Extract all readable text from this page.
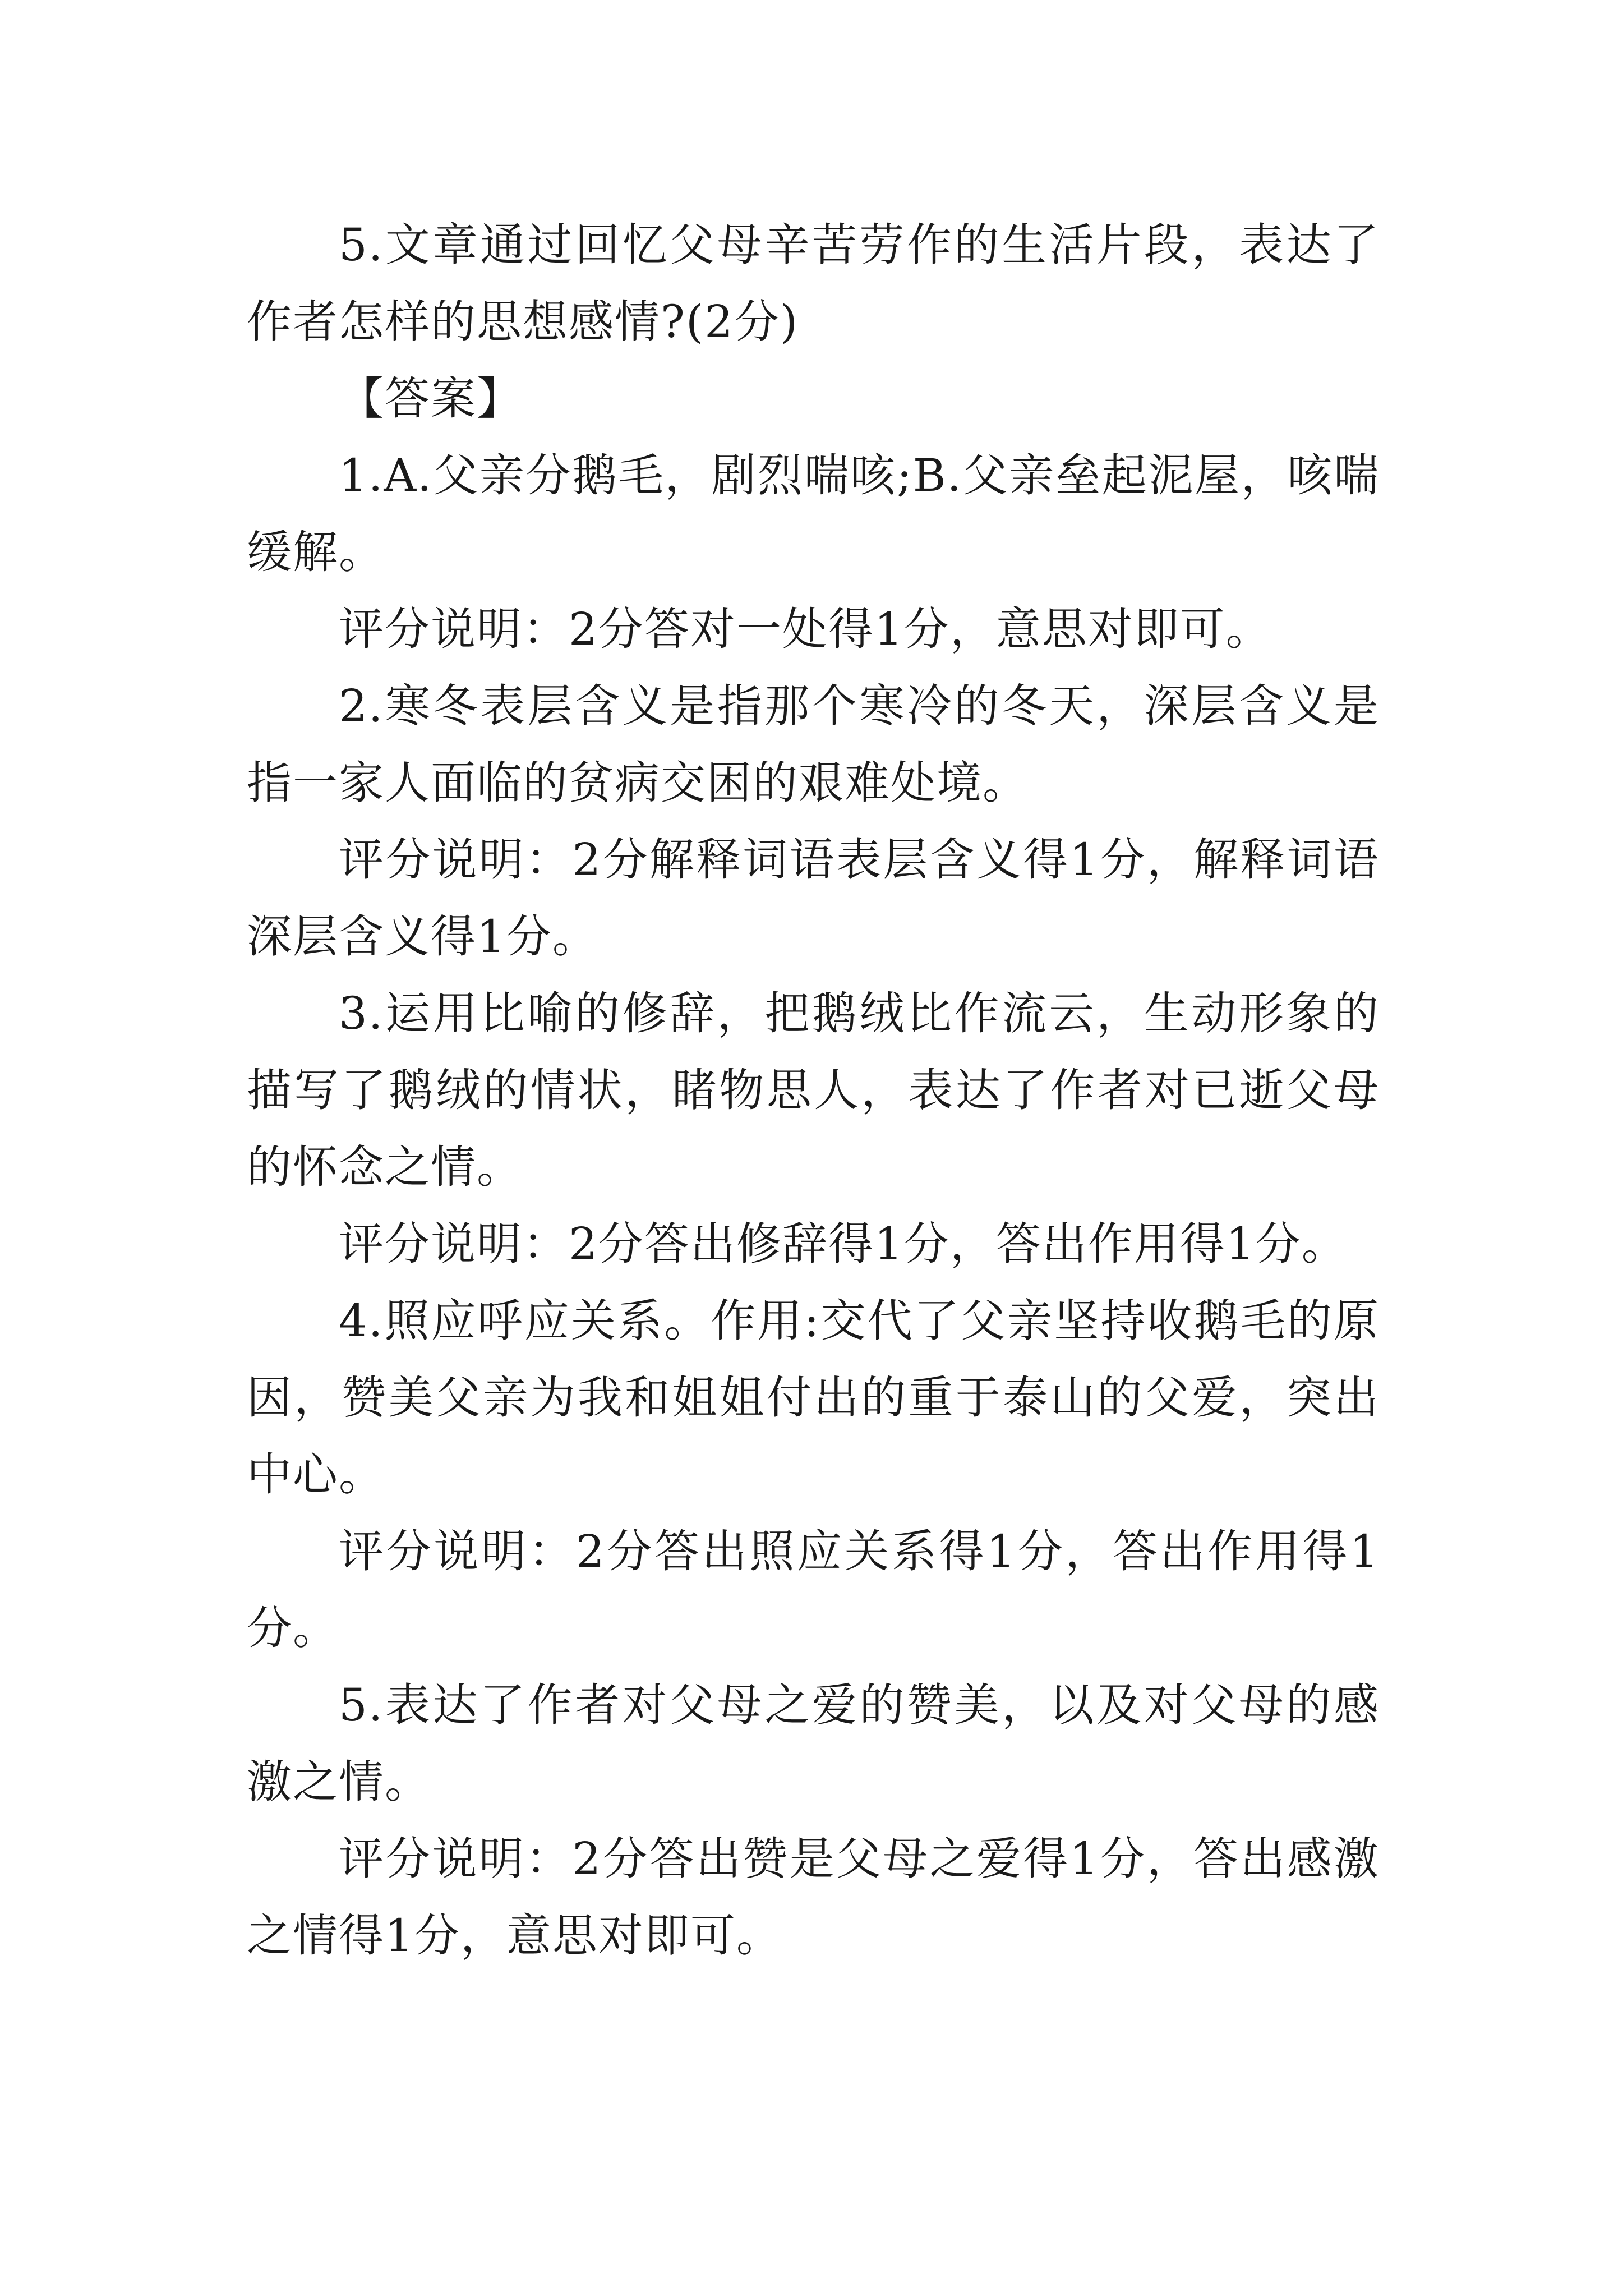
5.文章通过回忆父母辛苦劳作的生活片段，表达了作者怎样的思想感情?(2分)

【答案】

1.A.父亲分鹅毛，剧烈喘咳;B.父亲垒起泥屋，咳喘缓解。

评分说明：2分答对一处得1分，意思对即可。

2.寒冬表层含义是指那个寒冷的冬天，深层含义是指一家人面临的贫病交困的艰难处境。

评分说明：2分解释词语表层含义得1分，解释词语深层含义得1分。

3.运用比喻的修辞，把鹅绒比作流云，生动形象的描写了鹅绒的情状，睹物思人，表达了作者对已逝父母的怀念之情。

评分说明：2分答出修辞得1分，答出作用得1分。

4.照应呼应关系。作用:交代了父亲坚持收鹅毛的原因，赞美父亲为我和姐姐付出的重于泰山的父爱，突出中心。

评分说明：2分答出照应关系得1分，答出作用得1分。

5.表达了作者对父母之爱的赞美，以及对父母的感激之情。

评分说明：2分答出赞是父母之爱得1分，答出感激之情得1分，意思对即可。
